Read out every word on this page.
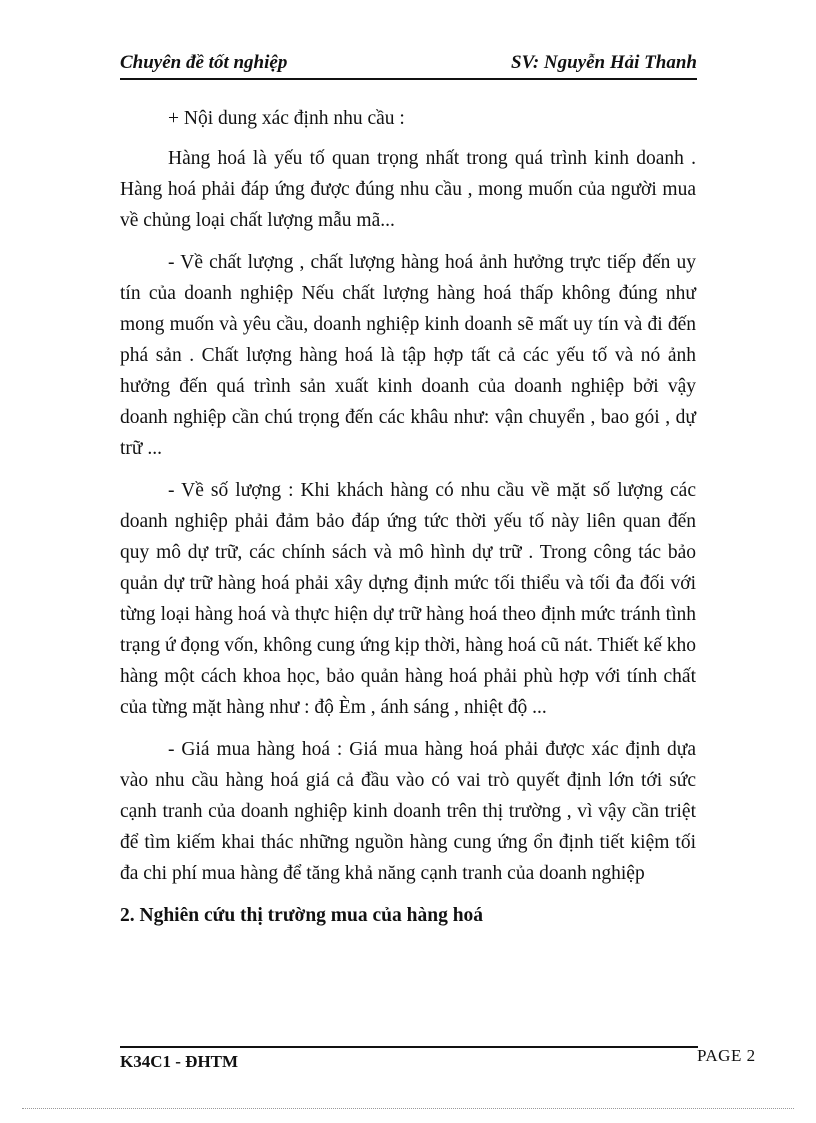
Chuyên đề tốt nghiệp	SV: Nguyễn Hải Thanh

+ Nội dung xác định nhu cầu :

Hàng hoá là yếu tố quan trọng nhất trong quá trình kinh doanh . Hàng hoá phải đáp ứng được đúng nhu cầu , mong muốn của người mua về chủng loại chất lượng mẫu mã...

- Về chất lượng , chất lượng hàng hoá ảnh hưởng trực tiếp đến uy tín của doanh nghiệp Nếu chất lượng hàng hoá thấp không đúng như mong muốn và yêu cầu, doanh nghiệp kinh doanh sẽ mất uy tín và đi đến phá sản . Chất lượng hàng hoá là tập hợp tất cả các yếu tố và nó ảnh hưởng đến quá trình sản xuất kinh doanh của doanh nghiệp bởi vậy doanh nghiệp cần chú trọng đến các khâu như: vận chuyển , bao gói , dự trữ ...

- Về số lượng : Khi khách hàng có nhu cầu về mặt số lượng các doanh nghiệp phải đảm bảo đáp ứng tức thời yếu tố này liên quan đến quy mô dự trữ, các chính sách và mô hình dự trữ . Trong công tác bảo quản dự trữ hàng hoá phải xây dựng định mức tối thiểu và tối đa đối với từng loại hàng hoá và thực hiện dự trữ hàng hoá theo định mức tránh tình trạng ứ đọng vốn, không cung ứng kịp thời, hàng hoá cũ nát. Thiết kế kho hàng một cách khoa học, bảo quản hàng hoá phải phù hợp với tính chất của từng mặt hàng như : độ Èm , ánh sáng , nhiệt độ ...

- Giá mua hàng hoá : Giá mua hàng hoá phải được xác định dựa vào nhu cầu hàng hoá giá cả đầu vào có vai trò quyết định lớn tới sức cạnh tranh của doanh nghiệp kinh doanh trên thị trường , vì vậy cần triệt để tìm kiếm khai thác những nguồn hàng cung ứng ổn định tiết kiệm tối đa chi phí mua hàng để tăng khả năng cạnh tranh của doanh nghiệp

2. Nghiên cứu thị trường mua của hàng hoá

K34C1 - ĐHTM	PAGE 2
